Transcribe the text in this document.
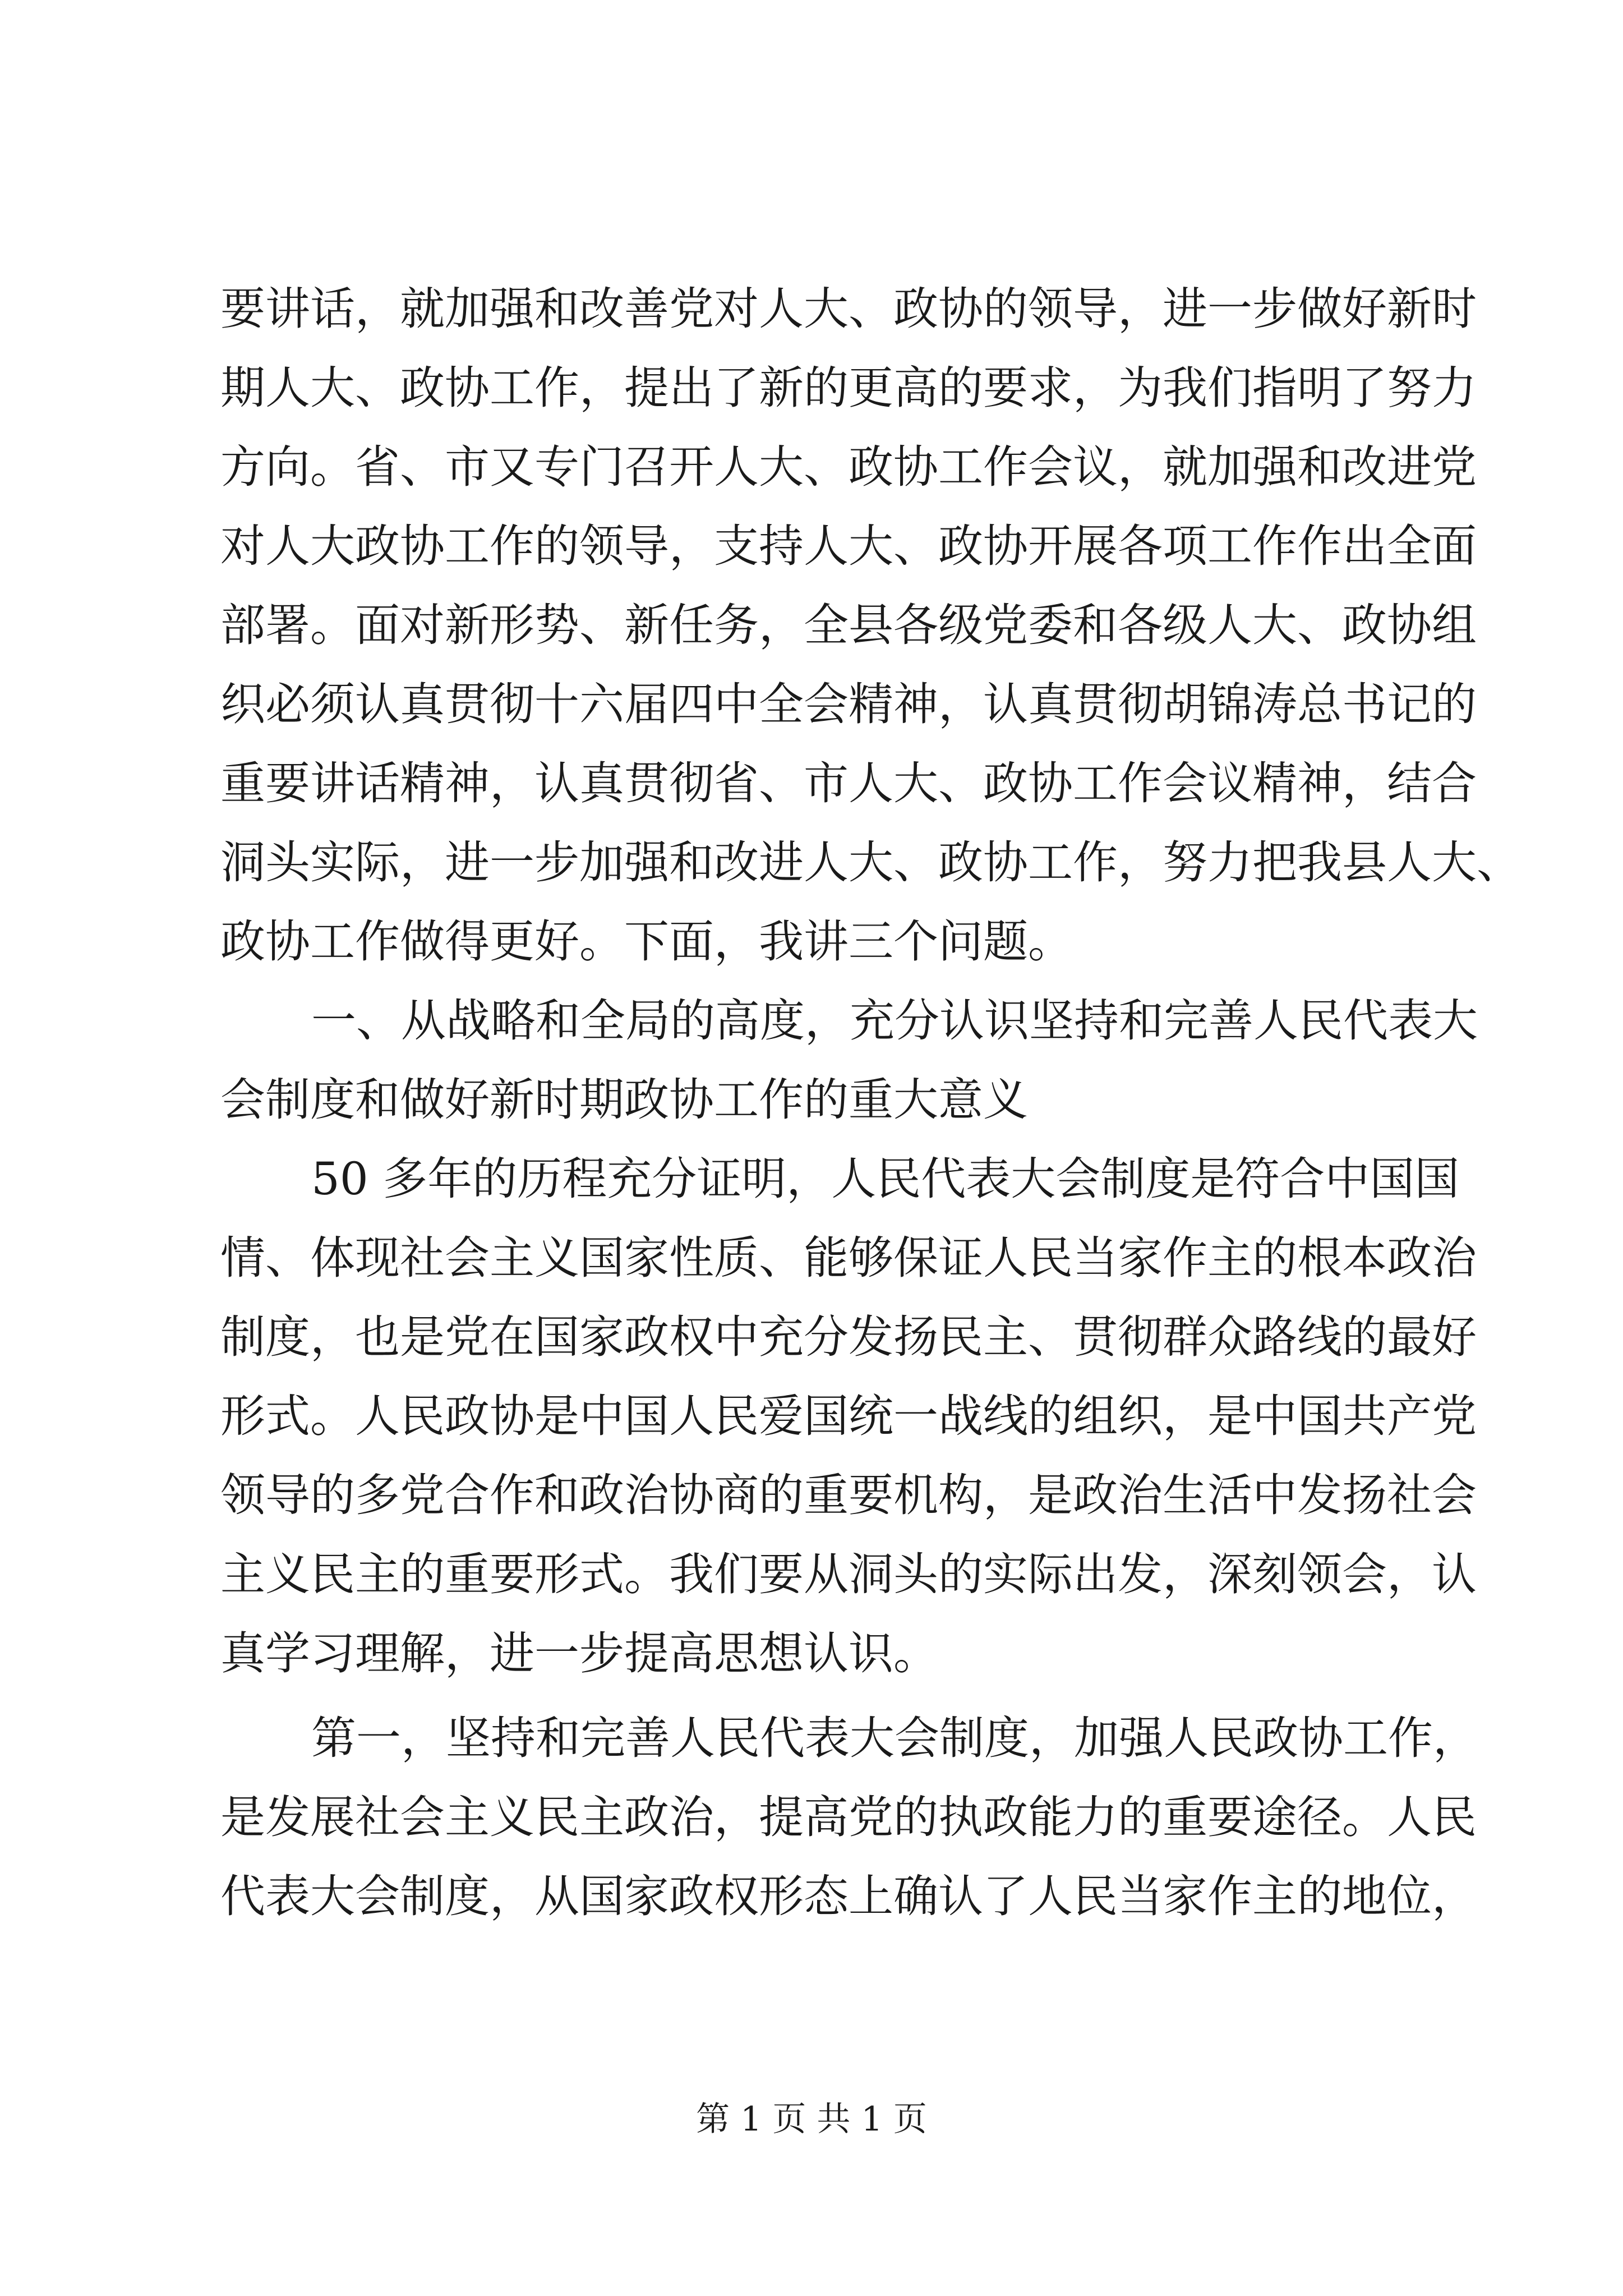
要讲话，就加强和改善党对人大、政协的领导，进一步做好新时
期人大、政协工作，提出了新的更高的要求，为我们指明了努力
方向。省、市又专门召开人大、政协工作会议，就加强和改进党
对人大政协工作的领导，支持人大、政协开展各项工作作出全面
部署。面对新形势、新任务，全县各级党委和各级人大、政协组
织必须认真贯彻十六届四中全会精神，认真贯彻胡锦涛总书记的
重要讲话精神，认真贯彻省、市人大、政协工作会议精神，结合
洞头实际，进一步加强和改进人大、政协工作，努力把我县人大、
政协工作做得更好。下面，我讲三个问题。
一、从战略和全局的高度，充分认识坚持和完善人民代表大
会制度和做好新时期政协工作的重大意义
50 多年的历程充分证明，人民代表大会制度是符合中国国
情、体现社会主义国家性质、能够保证人民当家作主的根本政治
制度，也是党在国家政权中充分发扬民主、贯彻群众路线的最好
形式。人民政协是中国人民爱国统一战线的组织，是中国共产党
领导的多党合作和政治协商的重要机构，是政治生活中发扬社会
主义民主的重要形式。我们要从洞头的实际出发，深刻领会，认
真学习理解，进一步提高思想认识。
第一，坚持和完善人民代表大会制度，加强人民政协工作，
是发展社会主义民主政治，提高党的执政能力的重要途径。人民
代表大会制度，从国家政权形态上确认了人民当家作主的地位，
第 1 页 共 1 页
